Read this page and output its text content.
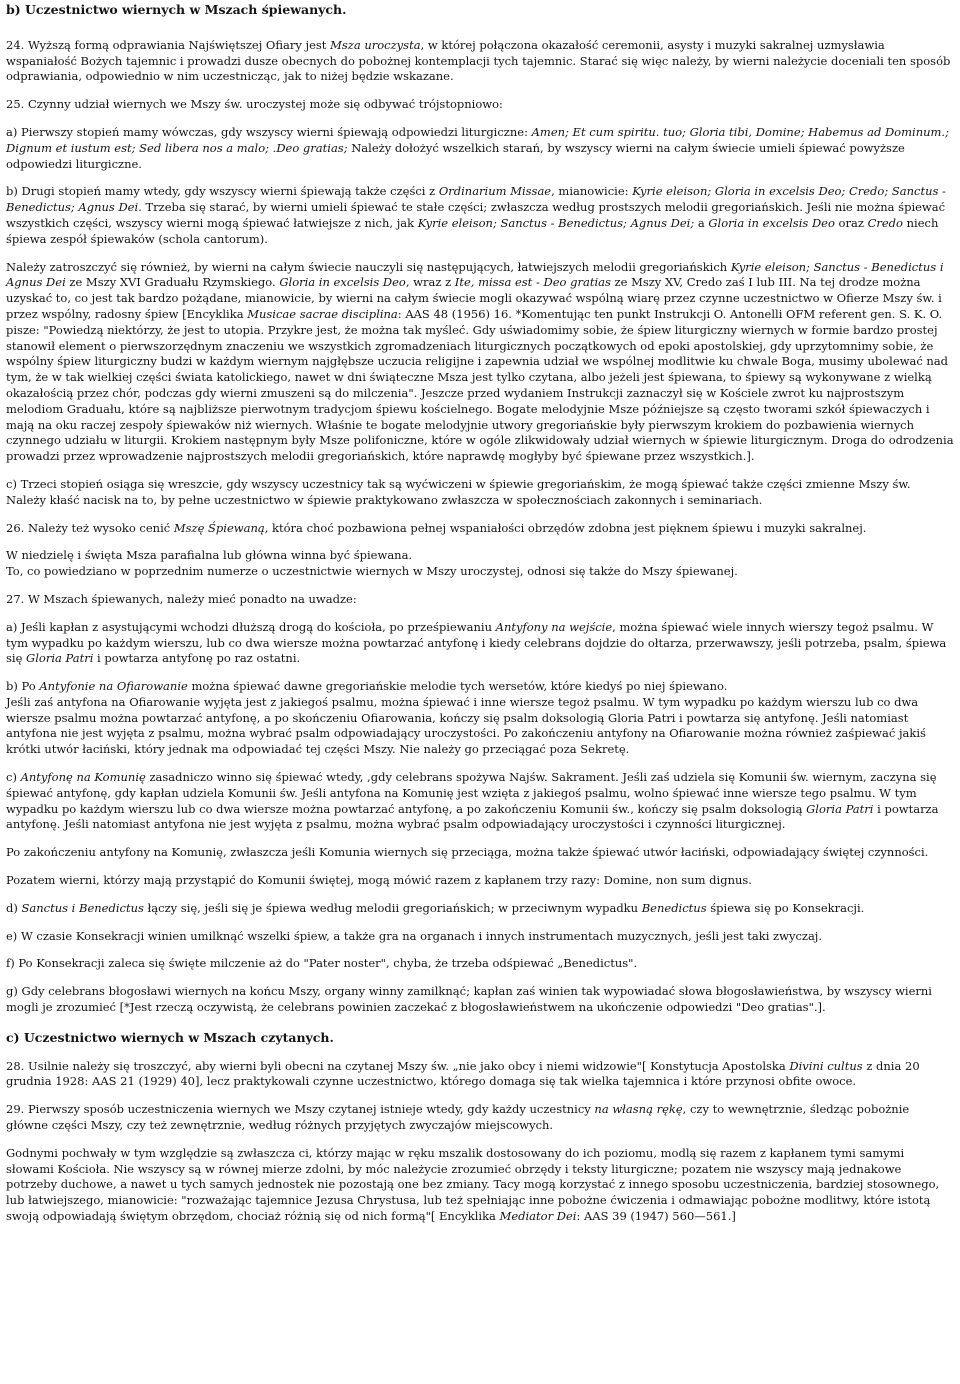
b) Uczestnictwo wiernych w Mszach śpiewanych.

24. Wyższą formą odprawiania Najświętszej Ofiary jest Msza uroczysta, w której połączona okazałość ceremonii, asysty i muzyki sakralnej uzmysławia wspaniałość Bożych tajemnic i prowadzi dusze obecnych do pobożnej kontemplacji tych tajemnic. Starać się więc należy, by wierni należycie doceniali ten sposób odprawiania, odpowiednio w nim uczestnicząc, jak to niżej będzie wskazane.

25. Czynny udział wiernych we Mszy św. uroczystej może się odbywać trójstopniowo:

a) Pierwszy stopień mamy wówczas, gdy wszyscy wierni śpiewają odpowiedzi liturgiczne: Amen; Et cum spiritu. tuo; Gloria tibi, Domine; Habemus ad Dominum.; Dignum et iustum est; Sed libera nos a malo; .Deo gratias; Należy dołożyć wszelkich starań, by wszyscy wierni na całym świecie umieli śpiewać powyższe odpowiedzi liturgiczne.

b) Drugi stopień mamy wtedy, gdy wszyscy wierni śpiewają także części z Ordinarium Missae, mianowicie: Kyrie eleison; Gloria in excelsis Deo; Credo; Sanctus - Benedictus; Agnus Dei. Trzeba się starać, by wierni umieli śpiewać te stałe części; zwłaszcza według prostszych melodii gregoriańskich. Jeśli nie można śpiewać wszystkich części, wszyscy wierni mogą śpiewać łatwiejsze z nich, jak Kyrie eleison; Sanctus - Benedictus; Agnus Dei; a Gloria in excelsis Deo oraz Credo niech śpiewa zespół śpiewaków (schola cantorum).

Należy zatroszczyć się również, by wierni na całym świecie nauczyli się następujących, łatwiejszych melodii gregoriańskich Kyrie eleison; Sanctus - Benedictus i Agnus Dei ze Mszy XVI Graduału Rzymskiego. Gloria in excelsis Deo, wraz z Ite, missa est - Deo gratias ze Mszy XV, Credo zaś I lub III. Na tej drodze można uzyskać to, co jest tak bardzo pożądane, mianowicie, by wierni na całym świecie mogli okazywać wspólną wiarę przez czynne uczestnictwo w Ofierze Mszy św. i przez wspólny, radosny śpiew [Encyklika Musicae sacrae disciplina: AAS 48 (1956) 16. *Komentując ten punkt Instrukcji O. Antonelli OFM referent gen. S. K. O. pisze: "Powiedzą niektórzy, że jest to utopia. Przykre jest, że można tak myśleć. Gdy uświadomimy sobie, że śpiew liturgiczny wiernych w formie bardzo prostej stanowił element o pierwszorzędnym znaczeniu we wszystkich zgromadzeniach liturgicznych początkowych od epoki apostolskiej, gdy uprzytomnimy sobie, że wspólny śpiew liturgiczny budzi w każdym wiernym najgłębsze uczucia religijne i zapewnia udział we wspólnej modlitwie ku chwale Boga, musimy ubolewać nad tym, że w tak wielkiej części świata katolickiego, nawet w dni świąteczne Msza jest tylko czytana, albo jeżeli jest śpiewana, to śpiewy są wykonywane z wielką okazałością przez chór, podczas gdy wierni zmuszeni są do milczenia". Jeszcze przed wydaniem Instrukcji zaznaczył się w Kościele zwrot ku najprostszym melodiom Graduału, które są najbliższe pierwotnym tradycjom śpiewu kościelnego. Bogate melodyjnie Msze późniejsze są często tworami szkół śpiewaczych i mają na oku raczej zespoły śpiewaków niż wiernych. Właśnie te bogate melodyjnie utwory gregoriańskie były pierwszym krokiem do pozbawienia wiernych czynnego udziału w liturgii. Krokiem następnym były Msze polifoniczne, które w ogóle zlikwidowały udział wiernych w śpiewie liturgicznym. Droga do odrodzenia prowadzi przez wprowadzenie najprostszych melodii gregoriańskich, które naprawdę mogłyby być śpiewane przez wszystkich.].

c) Trzeci stopień osiąga się wreszcie, gdy wszyscy uczestnicy tak są wyćwiczeni w śpiewie gregoriańskim, że mogą śpiewać także części zmienne Mszy św. Należy kłaść nacisk na to, by pełne uczestnictwo w śpiewie praktykowano zwłaszcza w społecznościach zakonnych i seminariach.

26. Należy też wysoko cenić Mszę Śpiewaną, która choć pozbawiona pełnej wspaniałości obrzędów zdobna jest pięknem śpiewu i muzyki sakralnej.

W niedzielę i święta Msza parafialna lub główna winna być śpiewana.
To, co powiedziano w poprzednim numerze o uczestnictwie wiernych w Mszy uroczystej, odnosi się także do Mszy śpiewanej.

27. W Mszach śpiewanych, należy mieć ponadto na uwadze:

a) Jeśli kapłan z asystującymi wchodzi dłuższą drogą do kościoła, po prześpiewaniu Antyfony na wejście, można śpiewać wiele innych wierszy tegoż psalmu. W tym wypadku po każdym wierszu, lub co dwa wiersze można powtarzać antyfonę i kiedy celebrans dojdzie do ołtarza, przerwawszy, jeśli potrzeba, psalm, śpiewa się Gloria Patri i powtarza antyfonę po raz ostatni.

b) Po Antyfonie na Ofiarowanie można śpiewać dawne gregoriańskie melodie tych wersetów, które kiedyś po niej śpiewano.
Jeśli zaś antyfona na Ofiarowanie wyjęta jest z jakiegoś psalmu, można śpiewać i inne wiersze tegoż psalmu. W tym wypadku po każdym wierszu lub co dwa wiersze psalmu można powtarzać antyfonę, a po skończeniu Ofiarowania, kończy się psalm doksologią Gloria Patri i powtarza się antyfonę. Jeśli natomiast antyfona nie jest wyjęta z psalmu, można wybrać psalm odpowiadający uroczystości. Po zakończeniu antyfony na Ofiarowanie można również zaśpiewać jakiś krótki utwór łaciński, który jednak ma odpowiadać tej części Mszy. Nie należy go przeciągać poza Sekretę.

c) Antyfonę na Komunię zasadniczo winno się śpiewać wtedy, ,gdy celebrans spożywa Najśw. Sakrament. Jeśli zaś udziela się Komunii św. wiernym, zaczyna się śpiewać antyfonę, gdy kapłan udziela Komunii św. Jeśli antyfona na Komunię jest wzięta z jakiegoś psalmu, wolno śpiewać inne wiersze tego psalmu. W tym wypadku po każdym wierszu lub co dwa wiersze można powtarzać antyfonę, a po zakończeniu Komunii św., kończy się psalm doksologią Gloria Patri i powtarza antyfonę. Jeśli natomiast antyfona nie jest wyjęta z psalmu, można wybrać psalm odpowiadający uroczystości i czynności liturgicznej.

Po zakończeniu antyfony na Komunię, zwłaszcza jeśli Komunia wiernych się przeciąga, można także śpiewać utwór łaciński, odpowiadający świętej czynności.

Pozatem wierni, którzy mają przystąpić do Komunii świętej, mogą mówić razem z kapłanem trzy razy: Domine, non sum dignus.

d) Sanctus i Benedictus łączy się, jeśli się je śpiewa według melodii gregoriańskich; w przeciwnym wypadku Benedictus śpiewa się po Konsekracji.

e) W czasie Konsekracji winien umilknąć wszelki śpiew, a także gra na organach i innych instrumentach muzycznych, jeśli jest taki zwyczaj.

f) Po Konsekracji zaleca się święte milczenie aż do "Pater noster", chyba, że trzeba odśpiewać „Benedictus".

g) Gdy celebrans błogosławi wiernych na końcu Mszy, organy winny zamilknąć; kapłan zaś winien tak wypowiadać słowa błogosławieństwa, by wszyscy wierni mogli je zrozumieć [*Jest rzeczą oczywistą, że celebrans powinien zaczekać z błogosławieństwem na ukończenie odpowiedzi "Deo gratias".].

c) Uczestnictwo wiernych w Mszach czytanych.

28. Usilnie należy się troszczyć, aby wierni byli obecni na czytanej Mszy św. „nie jako obcy i niemi widzowie"[ Konstytucja Apostolska Divini cultus z dnia 20 grudnia 1928: AAS 21 (1929) 40], lecz praktykowali czynne uczestnictwo, którego domaga się tak wielka tajemnica i które przynosi obfite owoce.

29. Pierwszy sposób uczestniczenia wiernych we Mszy czytanej istnieje wtedy, gdy każdy uczestnicy na własną rękę, czy to wewnętrznie, śledząc pobożnie główne części Mszy, czy też zewnętrznie, według różnych przyjętych zwyczajów miejscowych.

Godnymi pochwały w tym względzie są zwłaszcza ci, którzy mając w ręku mszalik dostosowany do ich poziomu, modlą się razem z kapłanem tymi samymi słowami Kościoła. Nie wszyscy są w równej mierze zdolni, by móc należycie zrozumieć obrzędy i teksty liturgiczne; pozatem nie wszyscy mają jednakowe potrzeby duchowe, a nawet u tych samych jednostek nie pozostają one bez zmiany. Tacy mogą korzystać z innego sposobu uczestniczenia, bardziej stosownego, lub łatwiejszego, mianowicie: "rozważając tajemnice Jezusa Chrystusa, lub też spełniając inne pobożne ćwiczenia i odmawiając pobożne modlitwy, które istotą swoją odpowiadają świętym obrzędom, chociaż różnią się od nich formą"[ Encyklika Mediator Dei: AAS 39 (1947) 560—561.]
